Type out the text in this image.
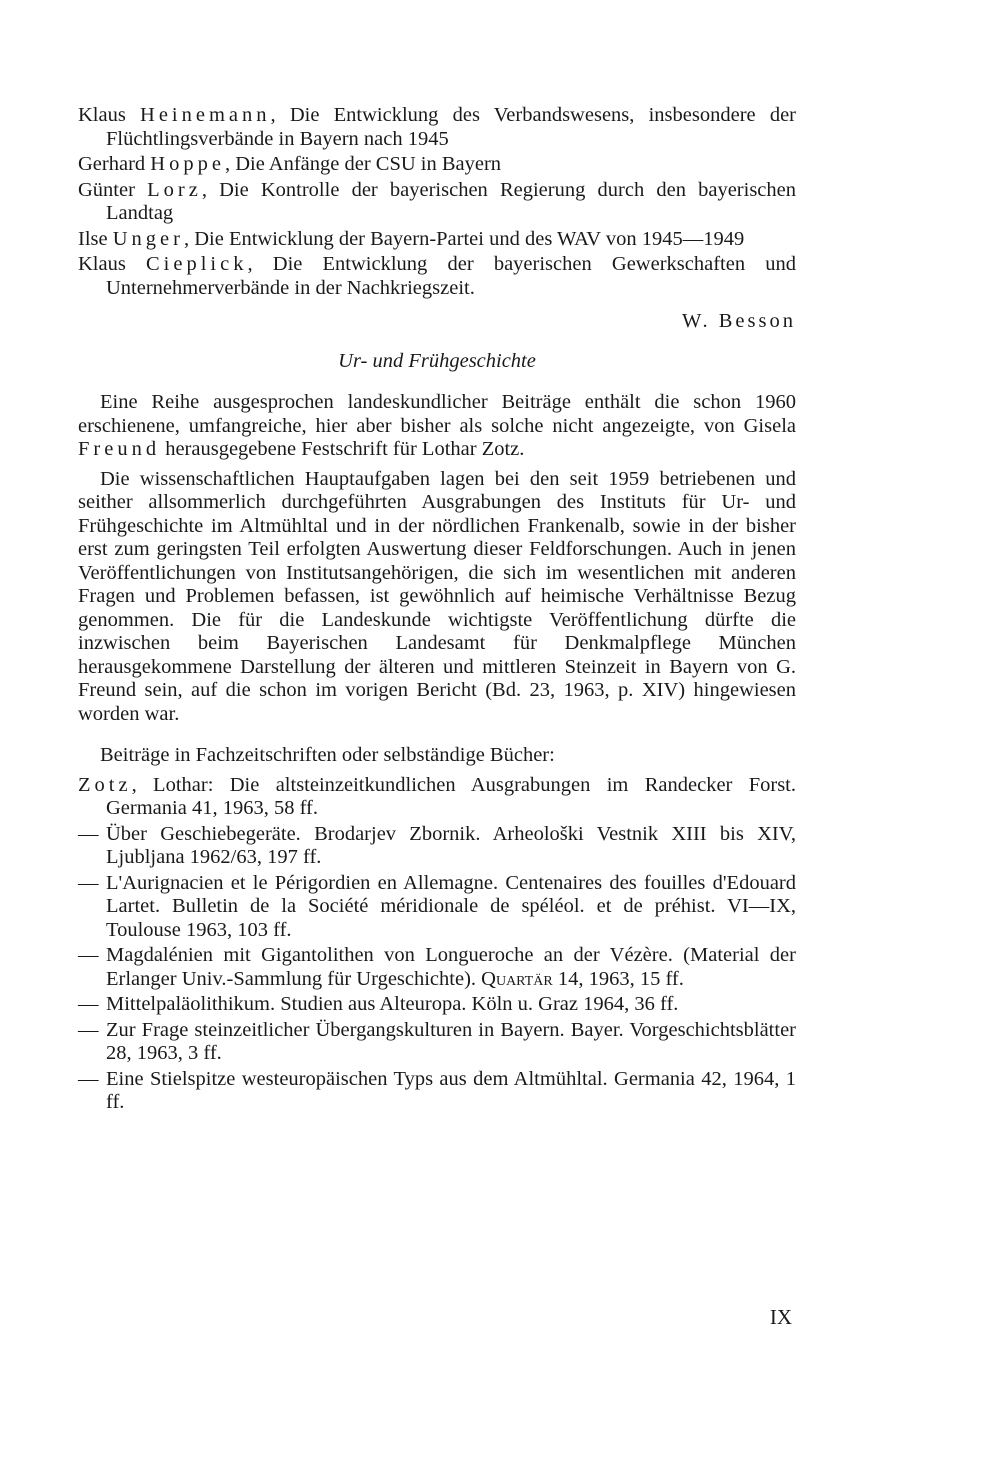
Klaus Heinemann, Die Entwicklung des Verbandswesens, insbesondere der Flüchtlingsverbände in Bayern nach 1945

Gerhard Hoppe, Die Anfänge der CSU in Bayern

Günter Lorz, Die Kontrolle der bayerischen Regierung durch den bayerischen Landtag

Ilse Unger, Die Entwicklung der Bayern-Partei und des WAV von 1945—1949

Klaus Cieplick, Die Entwicklung der bayerischen Gewerkschaften und Unternehmerverbände in der Nachkriegszeit.

W. Besson
Ur- und Frühgeschichte

Eine Reihe ausgesprochen landeskundlicher Beiträge enthält die schon 1960 erschienene, umfangreiche, hier aber bisher als solche nicht angezeigte, von Gisela Freund herausgegebene Festschrift für Lothar Zotz.

Die wissenschaftlichen Hauptaufgaben lagen bei den seit 1959 betriebenen und seither allsommerlich durchgeführten Ausgrabungen des Instituts für Ur- und Frühgeschichte im Altmühltal und in der nördlichen Frankenalb, sowie in der bisher erst zum geringsten Teil erfolgten Auswertung dieser Feldforschungen. Auch in jenen Veröffentlichungen von Institutsangehörigen, die sich im wesentlichen mit anderen Fragen und Problemen befassen, ist gewöhnlich auf heimische Verhältnisse Bezug genommen. Die für die Landeskunde wichtigste Veröffentlichung dürfte die inzwischen beim Bayerischen Landesamt für Denkmalpflege München herausgekommene Darstellung der älteren und mittleren Steinzeit in Bayern von G. Freund sein, auf die schon im vorigen Bericht (Bd. 23, 1963, p. XIV) hingewiesen worden war.

Beiträge in Fachzeitschriften oder selbständige Bücher:

Zotz, Lothar: Die altsteinzeitkundlichen Ausgrabungen im Randecker Forst. Germania 41, 1963, 58 ff.

— Über Geschiebegeräte. Brodarjev Zbornik. Arheološki Vestnik XIII bis XIV, Ljubljana 1962/63, 197 ff.

— L'Aurignacien et le Périgordien en Allemagne. Centenaires des fouilles d'Edouard Lartet. Bulletin de la Société méridionale de spéléol. et de préhist. VI—IX, Toulouse 1963, 103 ff.

— Magdalénien mit Gigantolithen von Longueroche an der Vézère. (Material der Erlanger Univ.-Sammlung für Urgeschichte). Quartär 14, 1963, 15 ff.

— Mittelpaläolithikum. Studien aus Alteuropa. Köln u. Graz 1964, 36 ff.

— Zur Frage steinzeitlicher Übergangskulturen in Bayern. Bayer. Vorgeschichtsblätter 28, 1963, 3 ff.

— Eine Stielspitze westeuropäischen Typs aus dem Altmühltal. Germania 42, 1964, 1 ff.

IX
